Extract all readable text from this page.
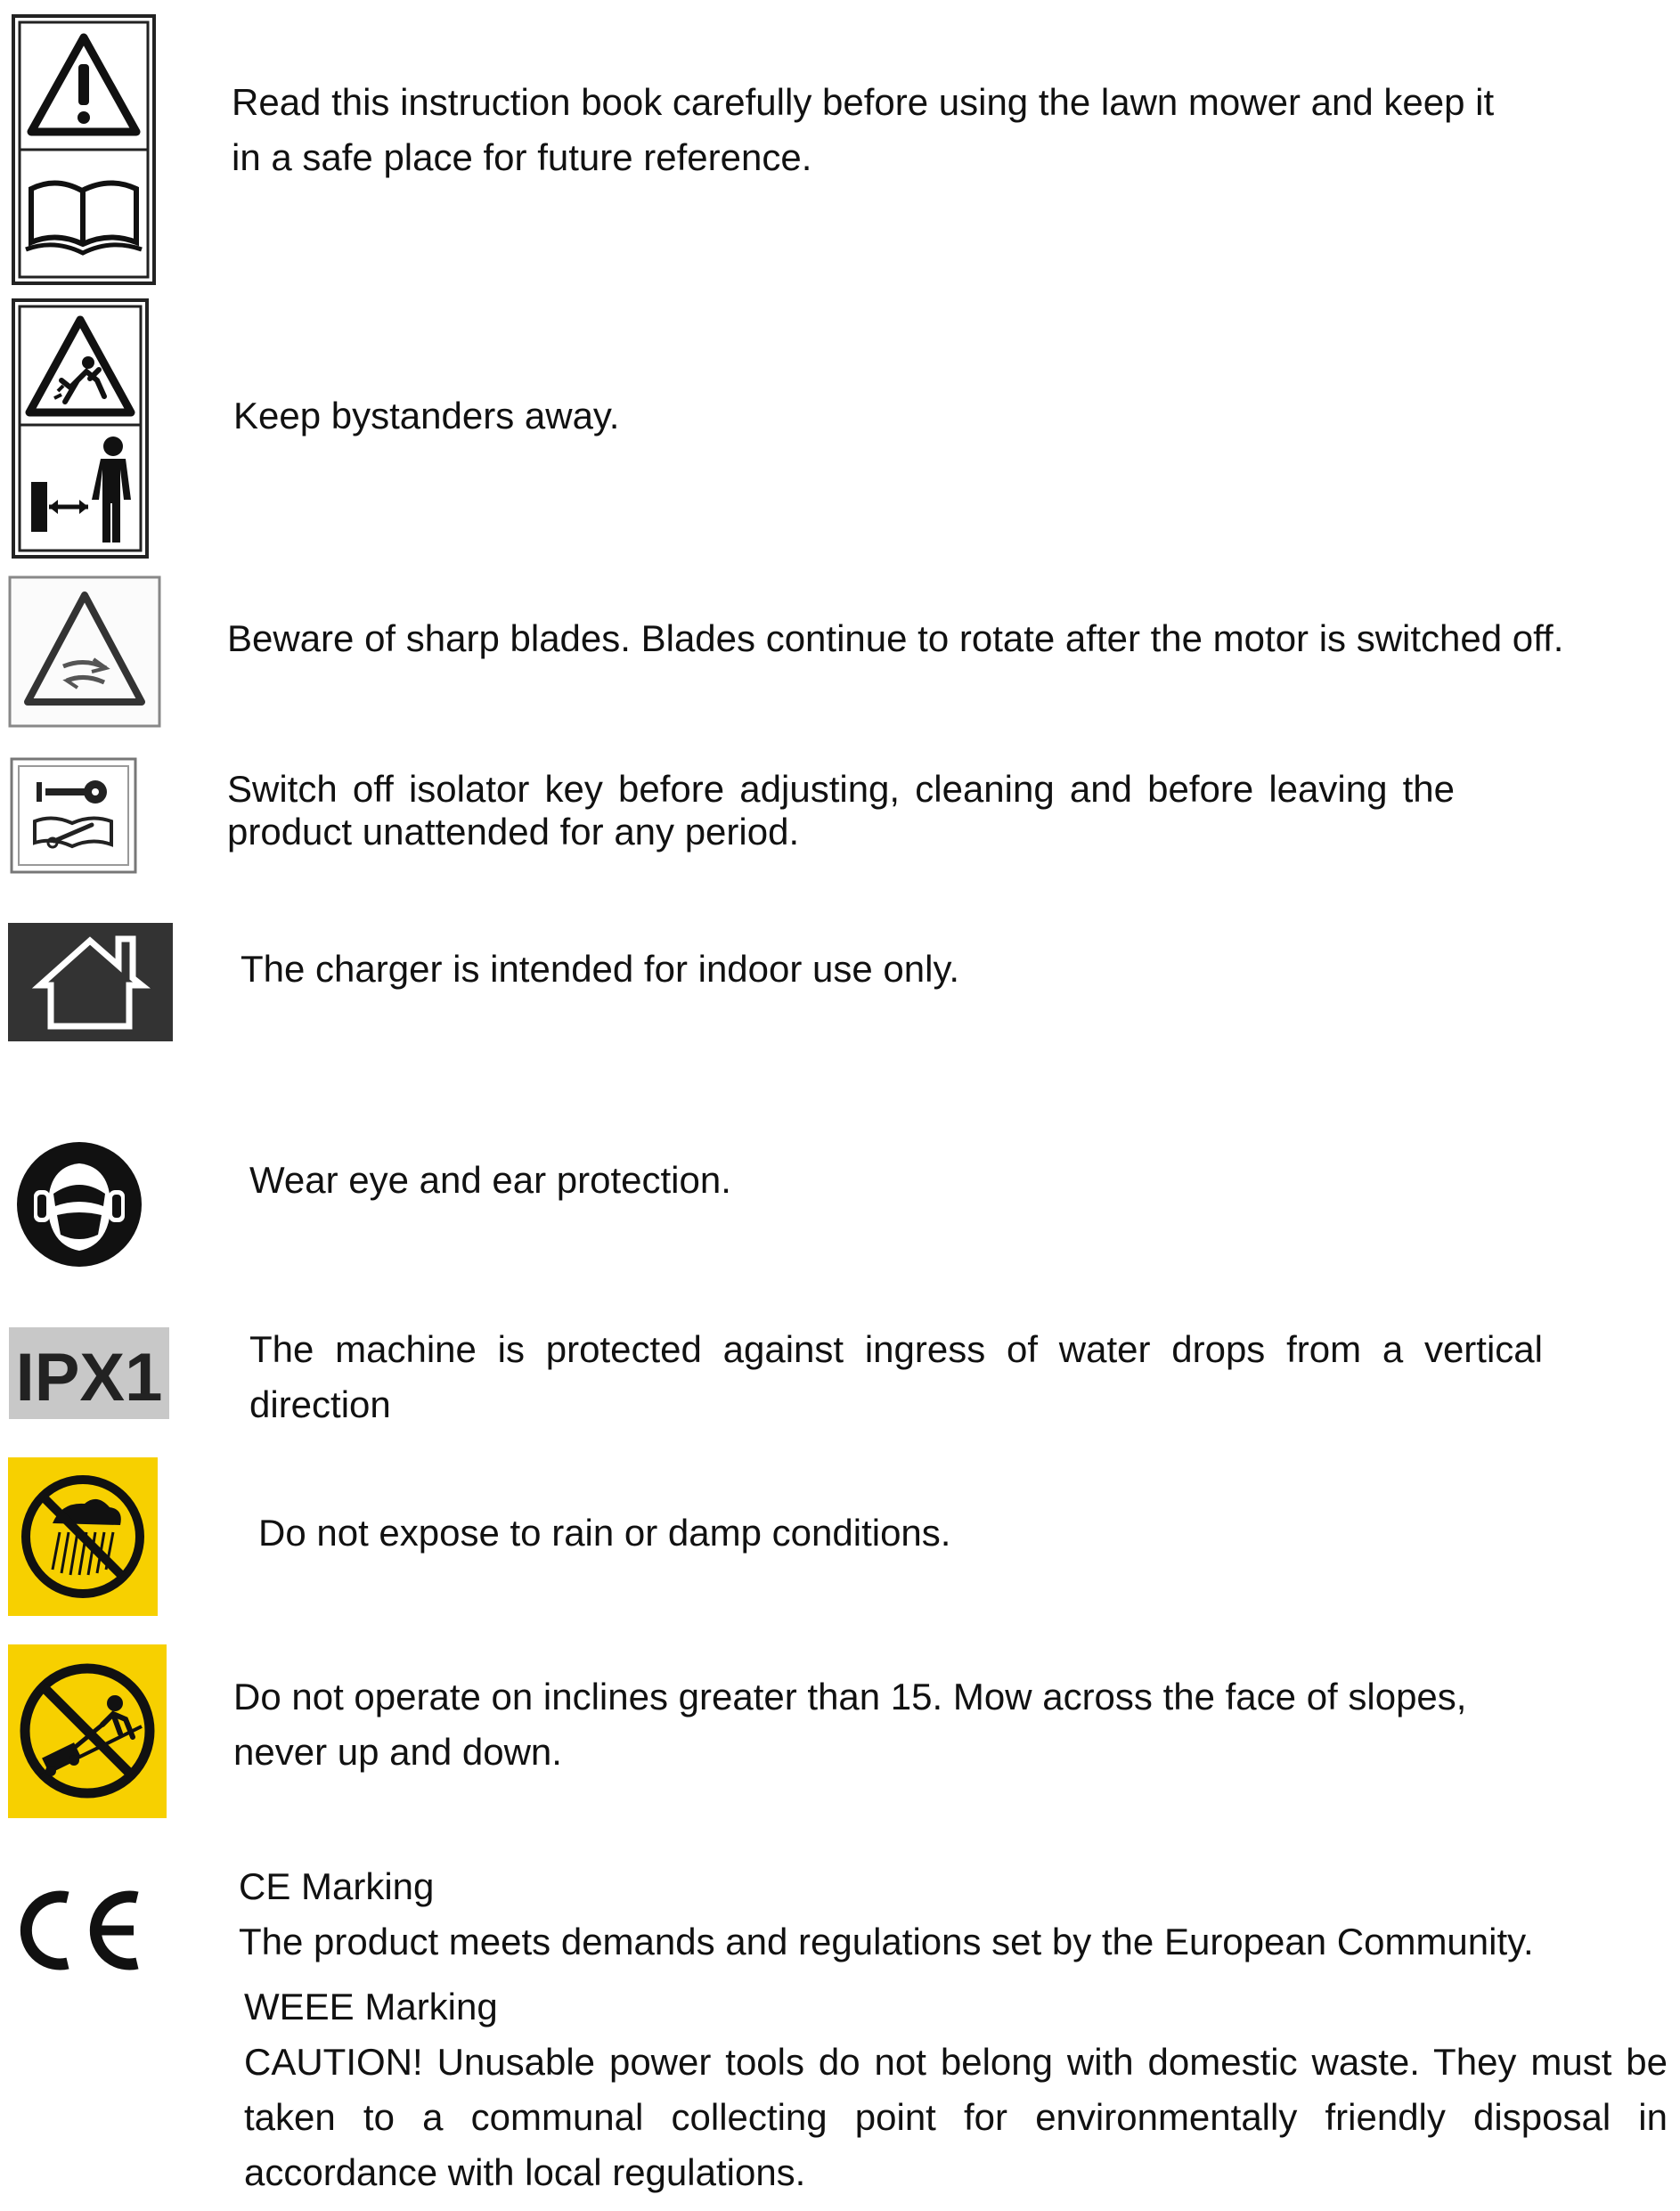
Read this instruction book carefully before using the lawn mower and keep it in a safe place for future reference.

Keep bystanders away.

Beware of sharp blades. Blades continue to rotate after the motor is switched off.

Switch off isolator key before adjusting, cleaning and before leaving the product unattended for any period.

The charger is intended for indoor use only.

Wear eye and ear protection.

IPX1 The machine is protected against ingress of water drops from a vertical direction

Do not expose to rain or damp conditions.

Do not operate on inclines greater than 15. Mow across the face of slopes, never up and down.

CE Marking

The product meets demands and regulations set by the European Community.

WEEE Marking

CAUTION! Unusable power tools do not belong with domestic waste. They must be taken to a communal collecting point for environmentally friendly disposal in accordance with local regulations.
